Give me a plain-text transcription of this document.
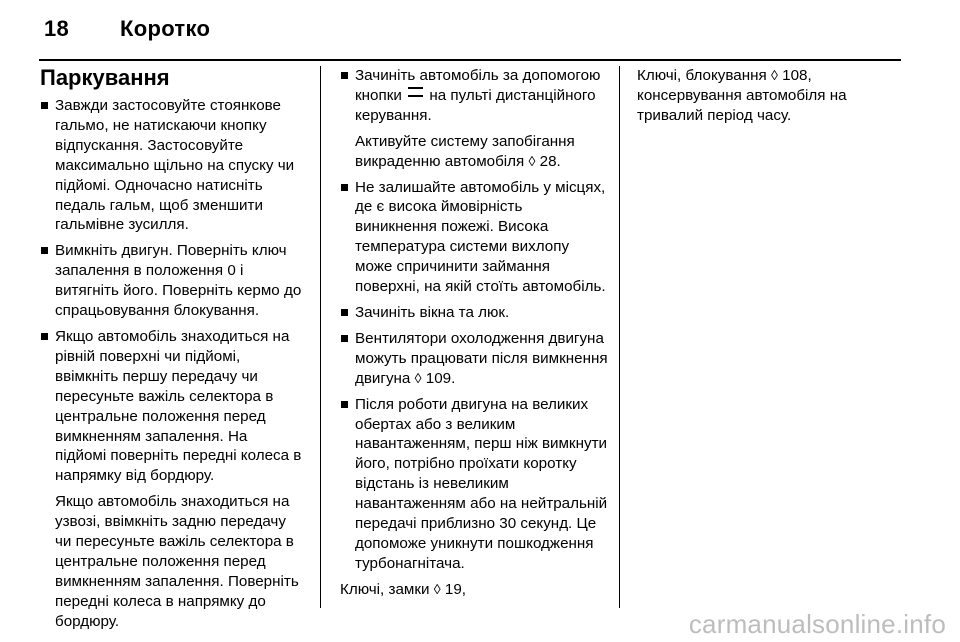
18 Коротко
Паркування
Завжди застосовуйте стоянкове гальмо, не натискаючи кнопку відпускання. Застосовуйте максимально щільно на спуску чи підйомі. Одночасно натисніть педаль гальм, щоб зменшити гальмівне зусилля.
Вимкніть двигун. Поверніть ключ запалення в положення 0 і витягніть його. Поверніть кермо до спрацьовування блокування.
Якщо автомобіль знаходиться на рівній поверхні чи підйомі, ввімкніть першу передачу чи пересуньте важіль селектора в центральне положення перед вимкненням запалення. На підйомі поверніть передні колеса в напрямку від бордюру.
Якщо автомобіль знаходиться на узвозі, ввімкніть задню передачу чи пересуньте важіль селектора в центральне положення перед вимкненням запалення. Поверніть передні колеса в напрямку до бордюру.
Зачиніть автомобіль за допомогою кнопки на пульті дистанційного керування.
Активуйте систему запобігання викраденню автомобіля ◊ 28.
Не залишайте автомобіль у місцях, де є висока ймовірність виникнення пожежі. Висока температура системи вихлопу може спричинити займання поверхні, на якій стоїть автомобіль.
Зачиніть вікна та люк.
Вентилятори охолодження двигуна можуть працювати після вимкнення двигуна ◊ 109.
Після роботи двигуна на великих обертах або з великим навантаженням, перш ніж вимкнути його, потрібно проїхати коротку відстань із невеликим навантаженням або на нейтральній передачі приблизно 30 секунд. Це допоможе уникнути пошкодження турбонагнітача.

Ключі, замки ◊ 19,

Ключі, блокування ◊ 108,
консервування автомобіля на тривалий період часу.

carmanualsonline.info
